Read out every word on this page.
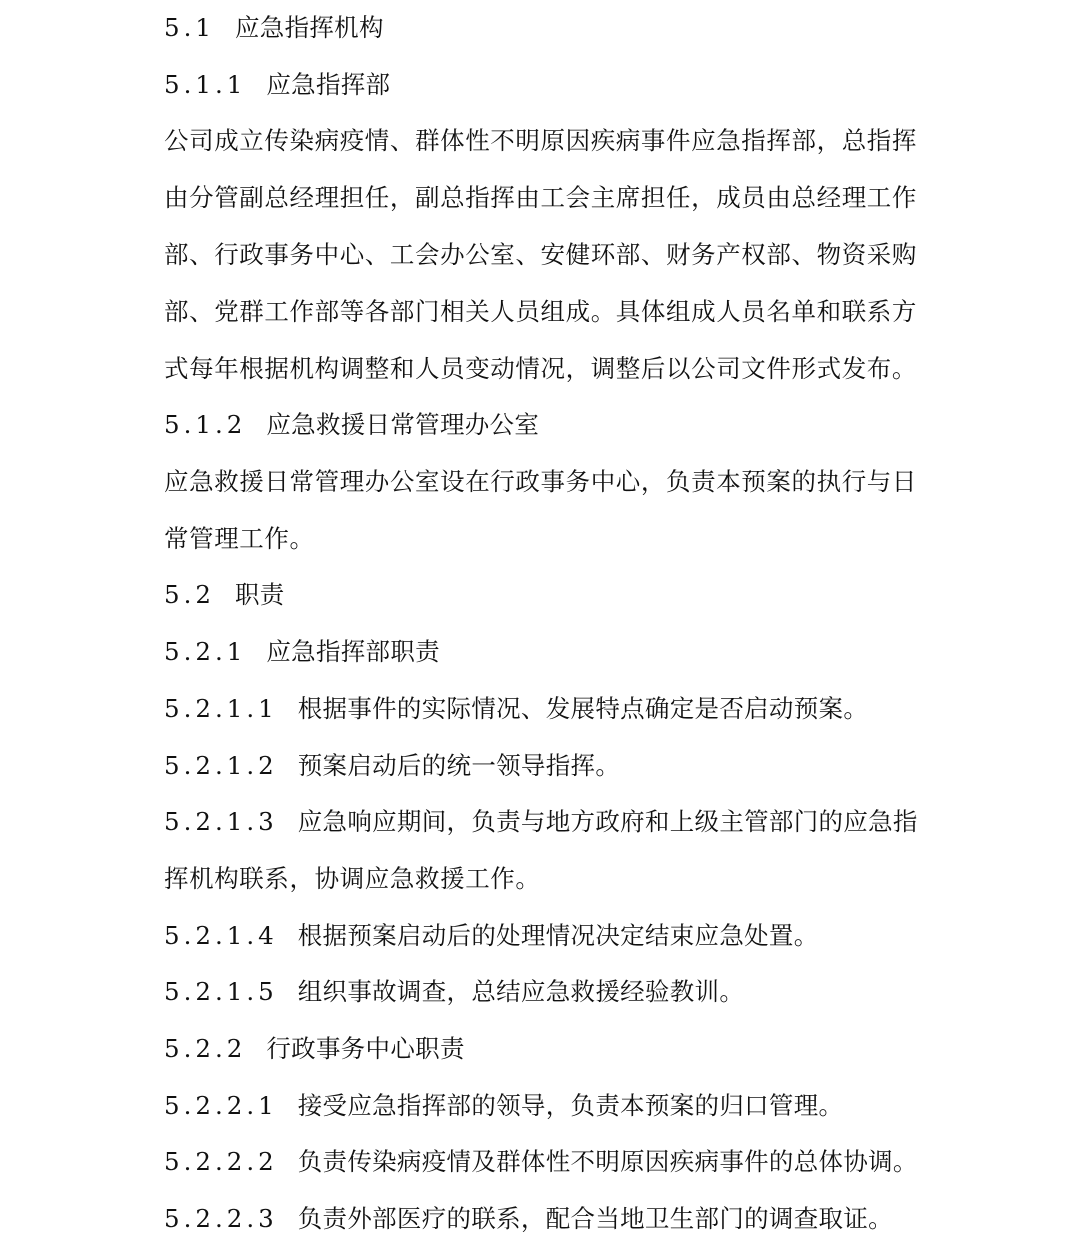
5.1 应急指挥机构
5.1.1 应急指挥部
公司成立传染病疫情、群体性不明原因疾病事件应急指挥部，总指挥
由分管副总经理担任，副总指挥由工会主席担任，成员由总经理工作
部、行政事务中心、工会办公室、安健环部、财务产权部、物资采购
部、党群工作部等各部门相关人员组成。具体组成人员名单和联系方
式每年根据机构调整和人员变动情况，调整后以公司文件形式发布。
5.1.2 应急救援日常管理办公室
应急救援日常管理办公室设在行政事务中心，负责本预案的执行与日
常管理工作。
5.2 职责
5.2.1 应急指挥部职责
5.2.1.1 根据事件的实际情况、发展特点确定是否启动预案。
5.2.1.2 预案启动后的统一领导指挥。
5.2.1.3 应急响应期间，负责与地方政府和上级主管部门的应急指
挥机构联系，协调应急救援工作。
5.2.1.4 根据预案启动后的处理情况决定结束应急处置。
5.2.1.5 组织事故调查，总结应急救援经验教训。
5.2.2 行政事务中心职责
5.2.2.1 接受应急指挥部的领导，负责本预案的归口管理。
5.2.2.2 负责传染病疫情及群体性不明原因疾病事件的总体协调。
5.2.2.3 负责外部医疗的联系，配合当地卫生部门的调查取证。
